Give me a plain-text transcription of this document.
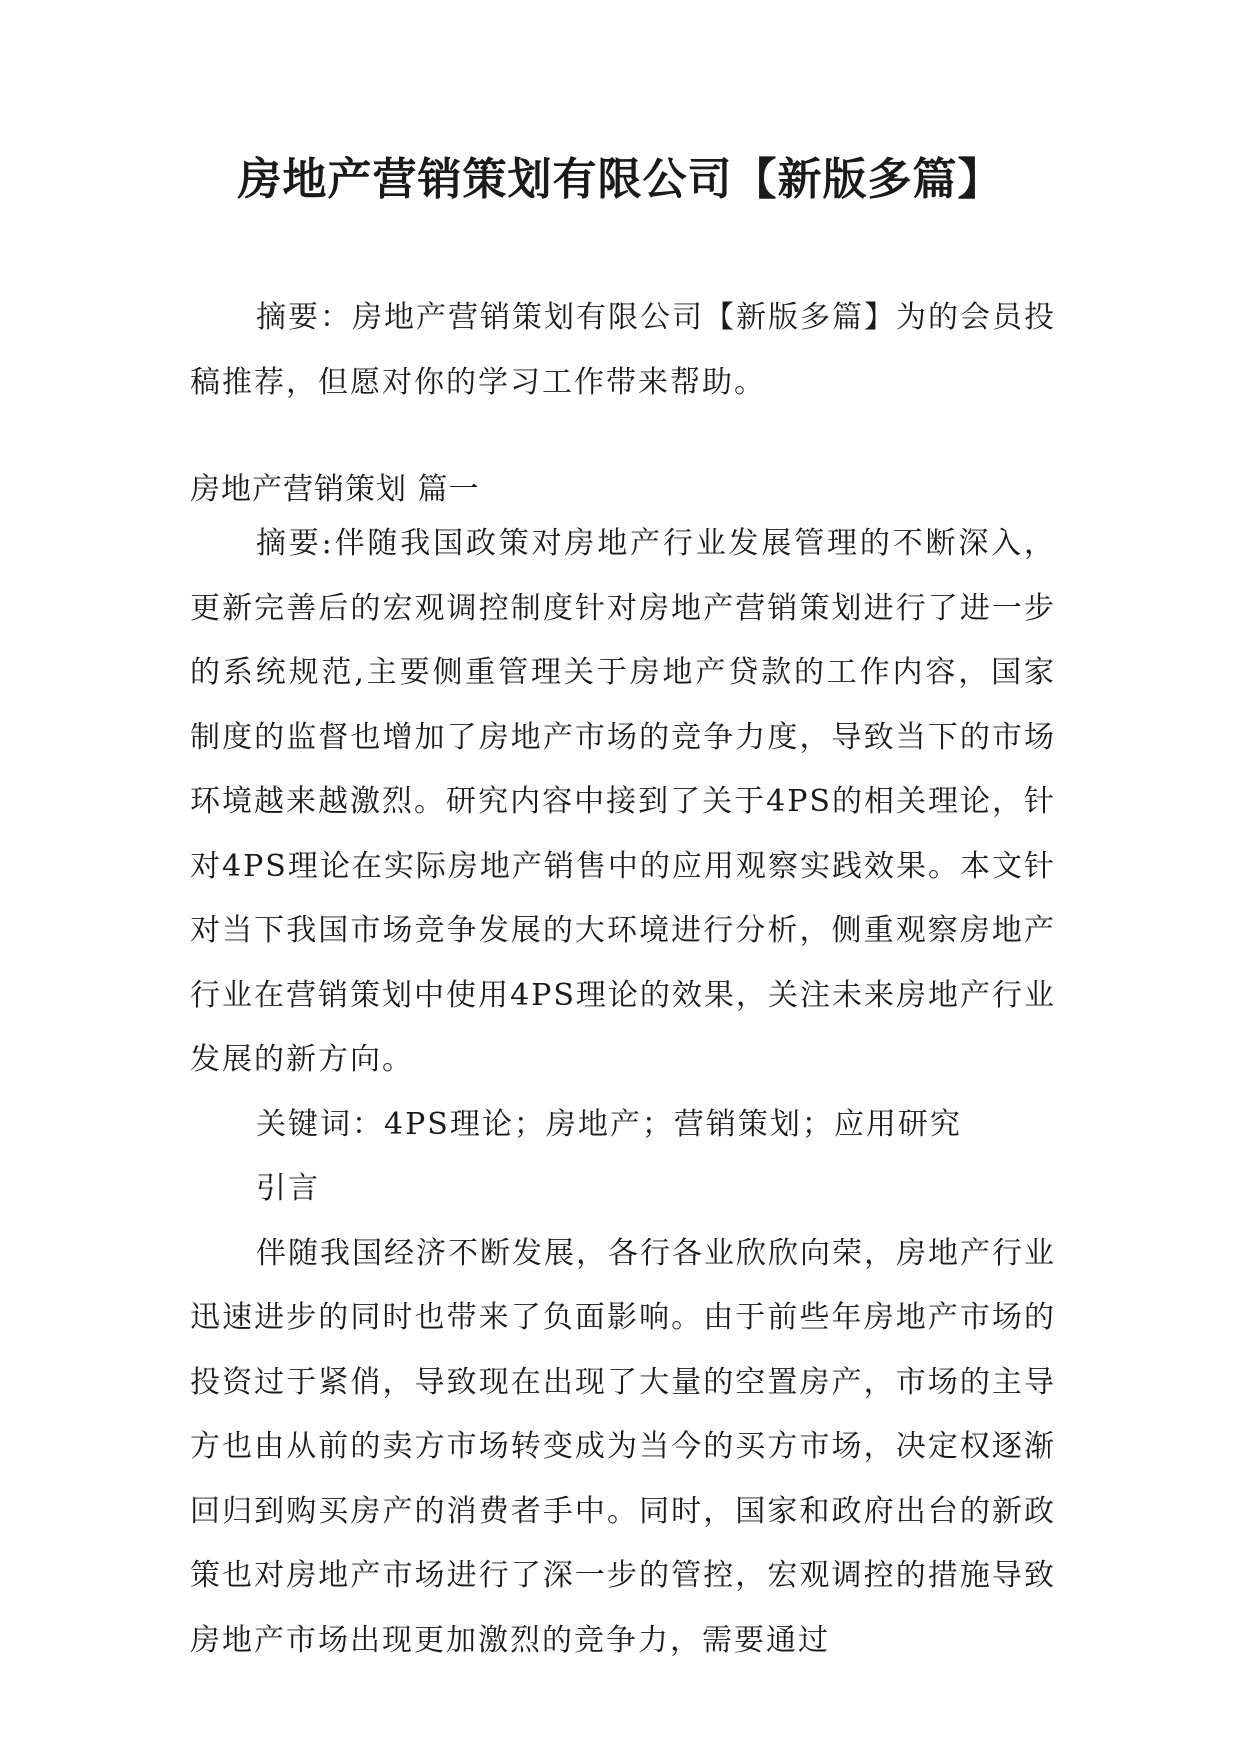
房地产营销策划有限公司【新版多篇】
摘要：房地产营销策划有限公司【新版多篇】为的会员投稿推荐，但愿对你的学习工作带来帮助。
房地产营销策划 篇一

摘要:伴随我国政策对房地产行业发展管理的不断深入，更新完善后的宏观调控制度针对房地产营销策划进行了进一步的系统规范,主要侧重管理关于房地产贷款的工作内容，国家制度的监督也增加了房地产市场的竞争力度，导致当下的市场环境越来越激烈。研究内容中接到了关于4PS的相关理论，针对4PS理论在实际房地产销售中的应用观察实践效果。本文针对当下我国市场竞争发展的大环境进行分析，侧重观察房地产行业在营销策划中使用4PS理论的效果，关注未来房地产行业发展的新方向。

关键词：4PS理论；房地产；营销策划；应用研究

引言

伴随我国经济不断发展，各行各业欣欣向荣，房地产行业迅速进步的同时也带来了负面影响。由于前些年房地产市场的投资过于紧俏，导致现在出现了大量的空置房产，市场的主导方也由从前的卖方市场转变成为当今的买方市场，决定权逐渐回归到购买房产的消费者手中。同时，国家和政府出台的新政策也对房地产市场进行了深一步的管控，宏观调控的措施导致房地产市场出现更加激烈的竞争力，需要通过
